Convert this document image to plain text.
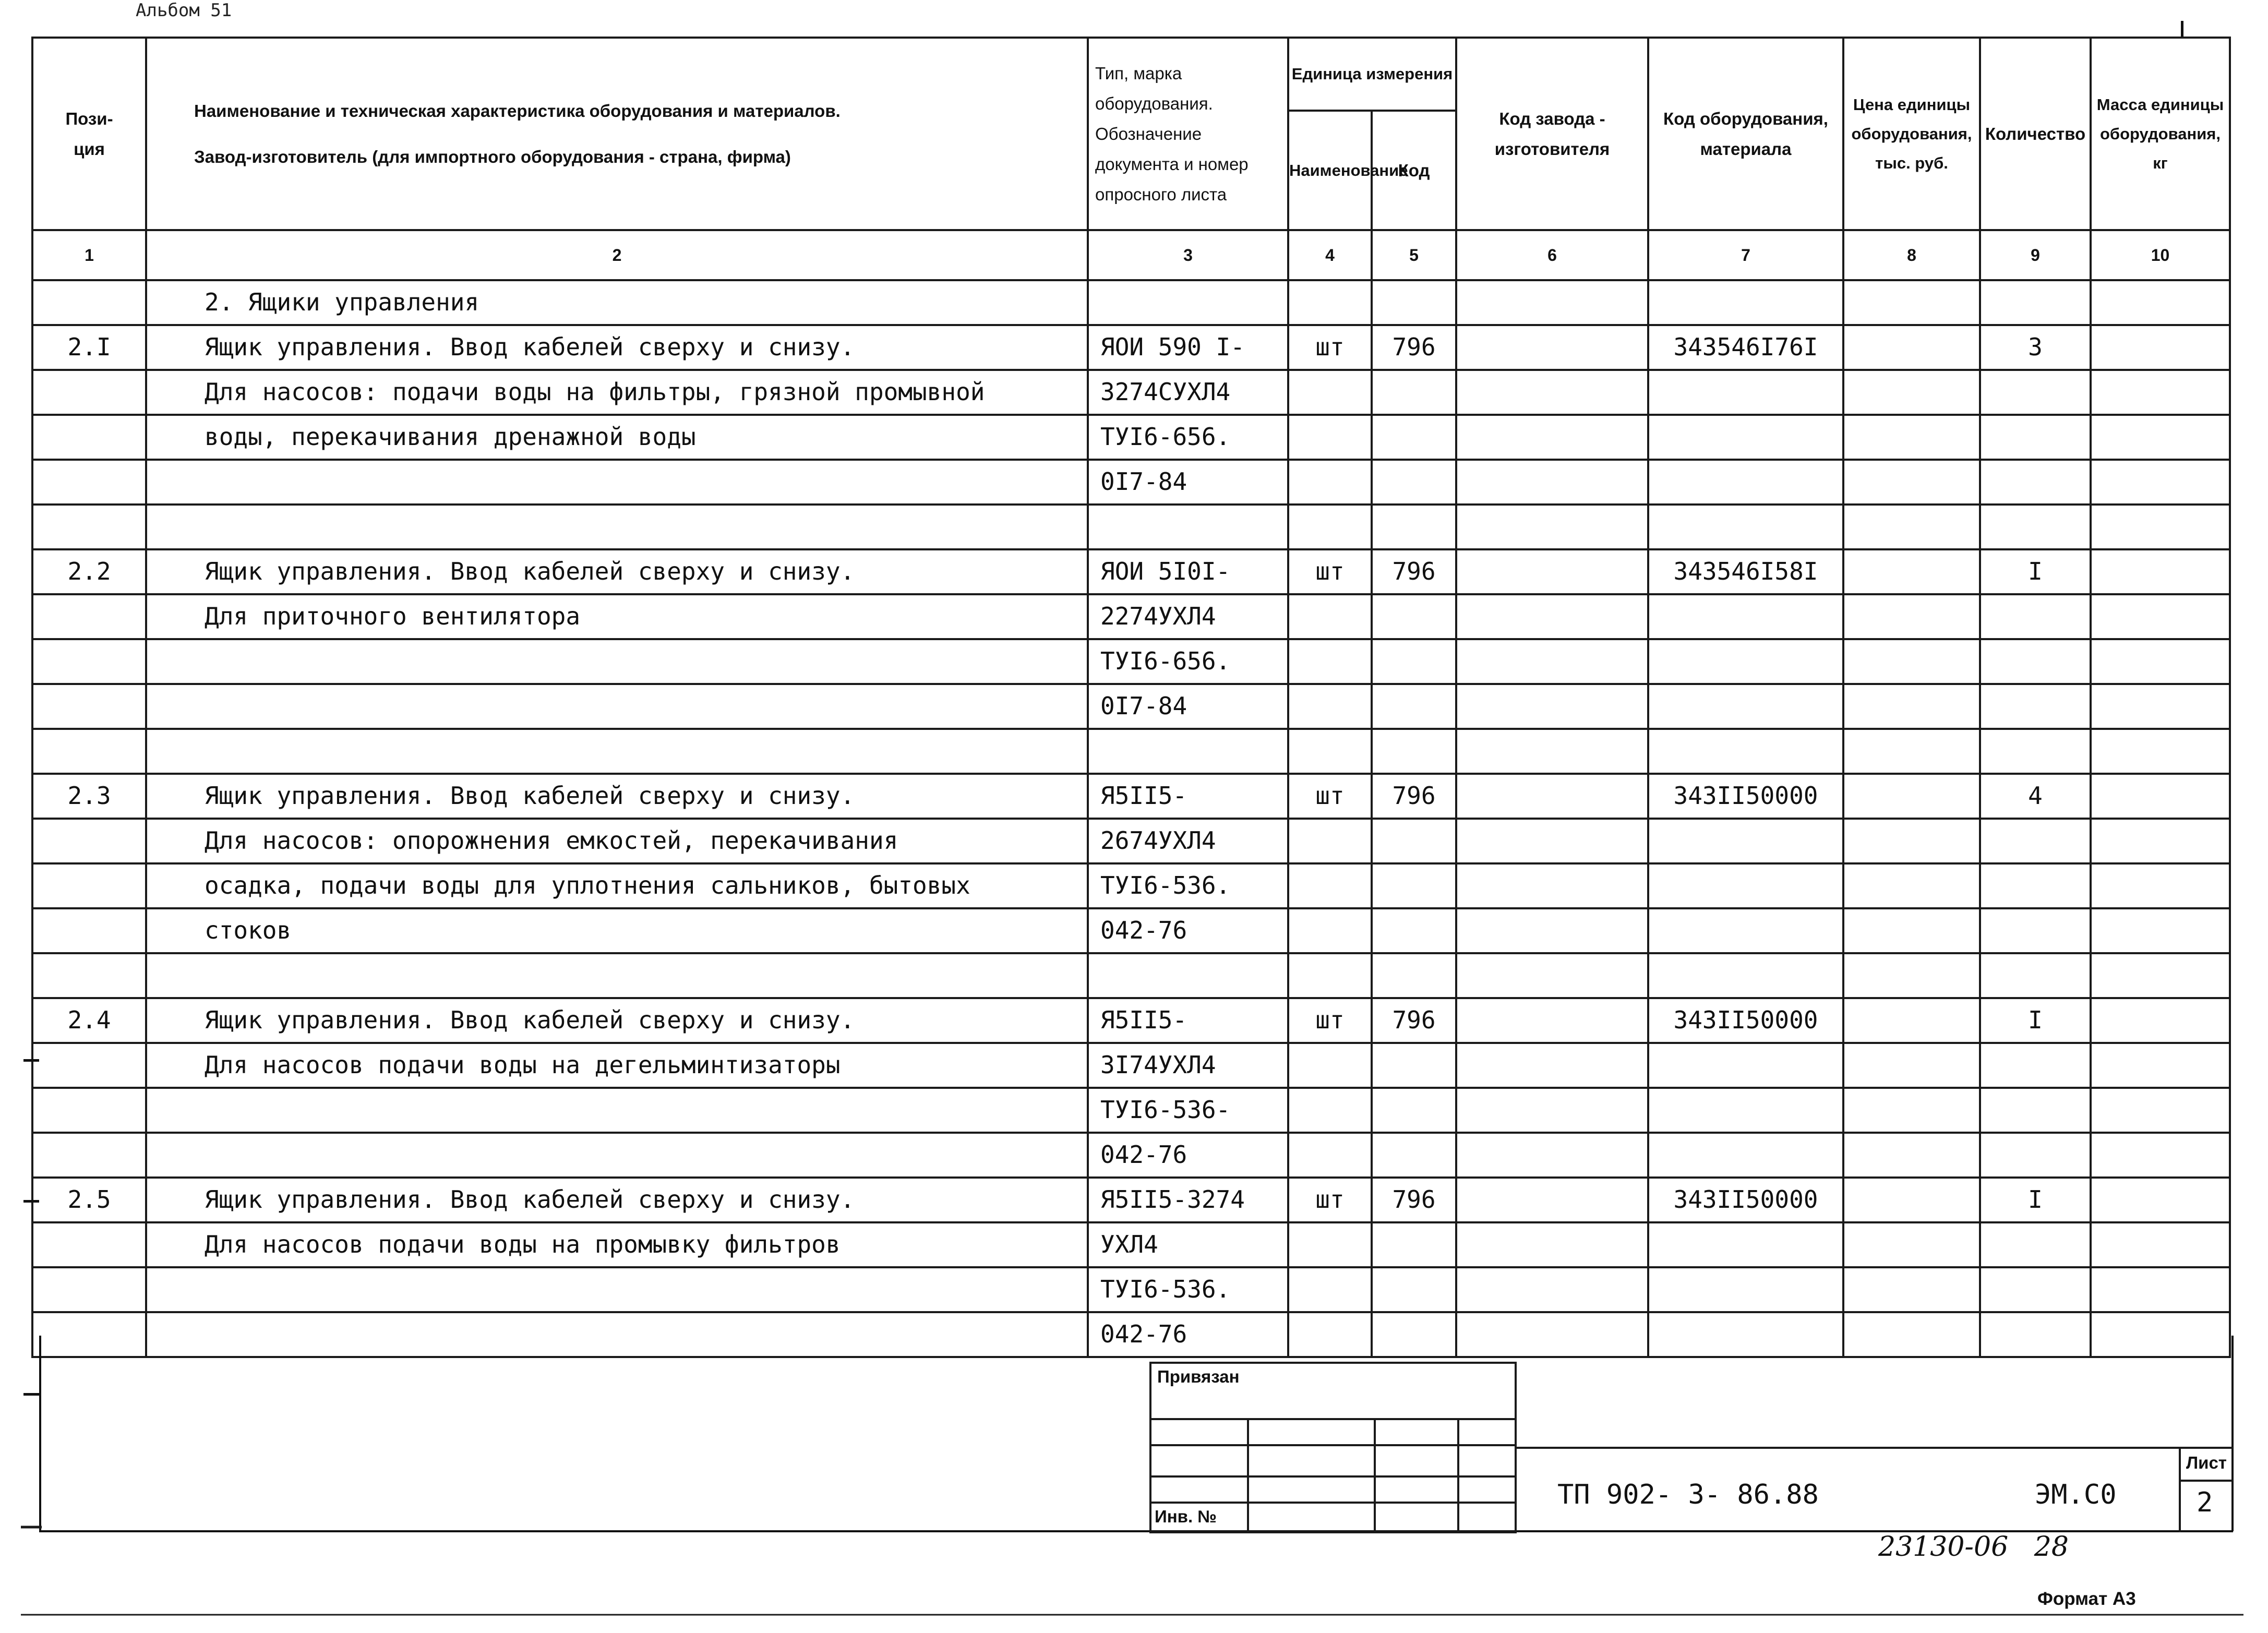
Альбом 51
Пози-
ция	Наименование и техническая характеристика оборудования и материалов.
Завод-изготовитель (для импортного оборудования - страна, фирма)	Тип, марка оборудования. Обозначение документа и номер опросного листа	Единица измерения		Код завода - изготовителя	Код оборудования, материала	Цена единицы оборудования, тыс. руб.	Количество	Масса единицы оборудования, кг
			Наименование	Код					
1	2	3	4	5	6	7	8	9	10
	2. Ящики управления								
2.I	Ящик управления. Ввод кабелей сверху и снизу.	ЯОИ 590 I-	шт	796		343546I76I		3	
	Для насосов: подачи воды на фильтры, грязной промывной	3274СУХЛ4							
	воды, перекачивания дренажной воды	ТУI6-656.							
		0I7-84							

2.2	Ящик управления. Ввод кабелей сверху и снизу.	ЯОИ 5I0I-	шт	796		343546I58I		I	
	Для приточного вентилятора	2274УХЛ4							
		ТУI6-656.							
		0I7-84							

2.3	Ящик управления. Ввод кабелей сверху и снизу.	Я5II5-	шт	796		343II50000		4	
	Для насосов: опорожнения емкостей, перекачивания	2674УХЛ4							
	осадка, подачи воды для уплотнения сальников, бытовых	ТУI6-536.							
	стоков	042-76							

2.4	Ящик управления. Ввод кабелей сверху и снизу.	Я5II5-	шт	796		343II50000		I	
	Для насосов подачи воды на дегельминтизаторы	3I74УХЛ4							
		ТУI6-536-							
		042-76							
2.5	Ящик управления. Ввод кабелей сверху и снизу.	Я5II5-3274	шт	796		343II50000		I	
	Для насосов подачи воды на промывку фильтров	УХЛ4							
		ТУI6-536.							
		042-76							
Привязан
Инв. №
ТП 902- 3- 86.88	ЭМ.С0
Лист
2
23130-06   28
Формат А3
